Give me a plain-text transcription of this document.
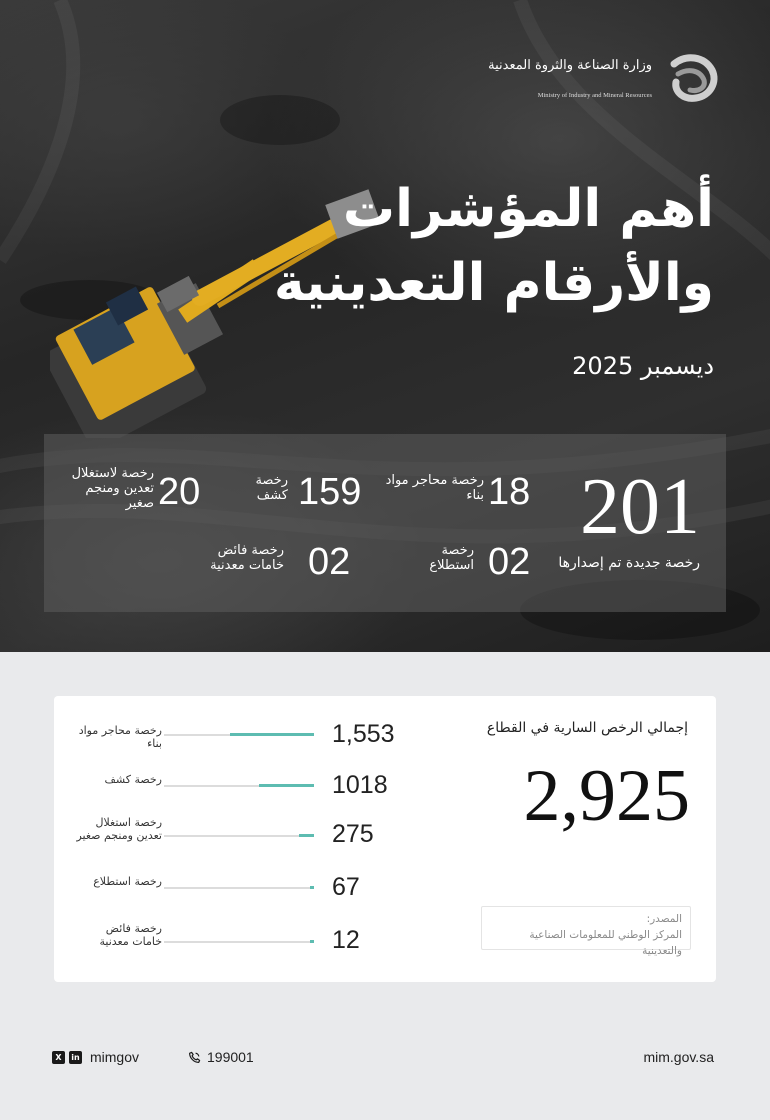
وزارة الصناعة والثروة المعدنية
Ministry of Industry and Mineral Resources
أهم المؤشرات والأرقام التعدينية
ديسمبر 2025
201
رخصة جديدة تم إصدارها
18
رخصة محاجر مواد بناء
159
رخصة كشف
20
رخصة لاستغلال تعدين ومنجم صغير
02
رخصة استطلاع
02
رخصة فائض خامات معدنية
إجمالي الرخص السارية في القطاع
2,925
المصدر:
المركز الوطني للمعلومات الصناعية والتعدينية
رخصة محاجر مواد بناء	1,553
رخصة كشف	1018
رخصة استغلال تعدين ومنجم صغير	275
رخصة استطلاع	67
رخصة فائض خامات معدنية	12
X	in mimgov	199001	mim.gov.sa
